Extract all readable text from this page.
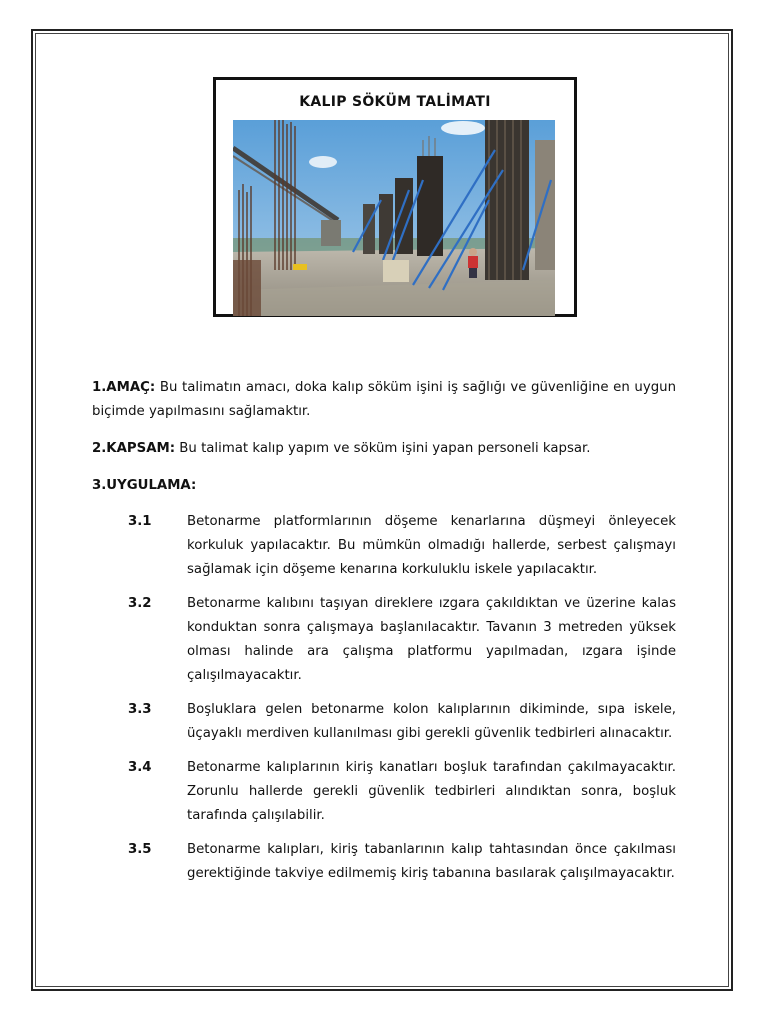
KALIP SÖKÜM TALİMATI

1.AMAÇ: Bu talimatın amacı, doka kalıp söküm işini iş sağlığı ve güvenliğine en uygun biçimde yapılmasını sağlamaktır.

2.KAPSAM: Bu talimat kalıp yapım ve söküm işini yapan personeli kapsar.

3.UYGULAMA:

3.1	Betonarme platformlarının döşeme kenarlarına düşmeyi önleyecek korkuluk yapılacaktır. Bu mümkün olmadığı hallerde, serbest çalışmayı sağlamak için döşeme kenarına korkuluklu iskele yapılacaktır.

3.2	Betonarme kalıbını taşıyan direklere ızgara çakıldıktan ve üzerine kalas konduktan sonra çalışmaya başlanılacaktır. Tavanın 3 metreden yüksek olması halinde ara çalışma platformu yapılmadan, ızgara işinde çalışılmayacaktır.

3.3	Boşluklara gelen betonarme kolon kalıplarının dikiminde, sıpa iskele, üçayaklı merdiven kullanılması gibi gerekli güvenlik tedbirleri alınacaktır.

3.4	Betonarme kalıplarının kiriş kanatları boşluk tarafından çakılmayacaktır. Zorunlu hallerde gerekli güvenlik tedbirleri alındıktan sonra, boşluk tarafında çalışılabilir.

3.5	Betonarme kalıpları, kiriş tabanlarının kalıp tahtasından önce çakılması gerektiğinde takviye edilmemiş kiriş tabanına basılarak çalışılmayacaktır.
